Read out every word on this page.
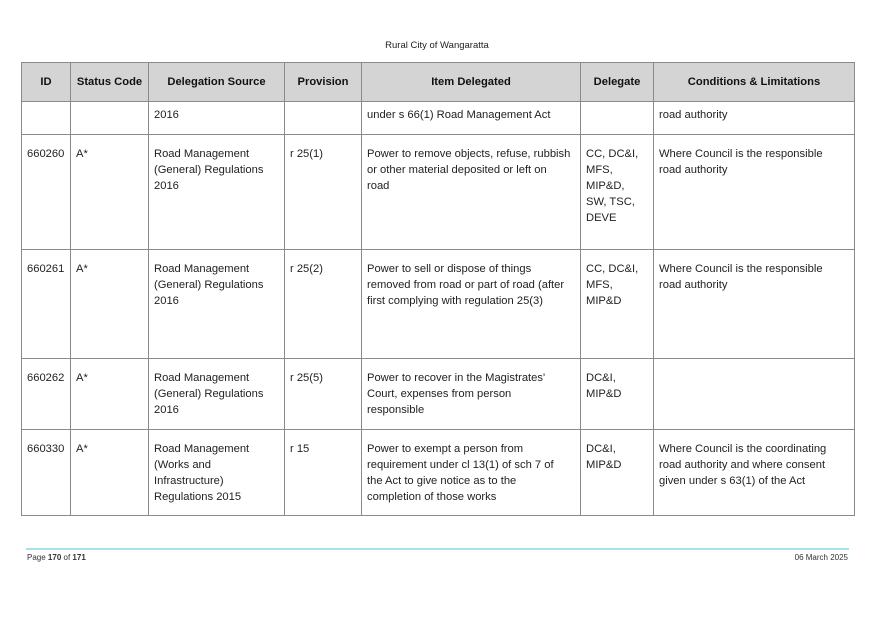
Rural City of Wangaratta
ID	Status Code	Delegation Source	Provision	Item Delegated	Delegate	Conditions & Limitations

		2016		under s 66(1) Road Management Act		road authority

660260	A*	Road Management
(General) Regulations
2016	r 25(1)	Power to remove objects, refuse, rubbish
or other material deposited or left on
road	CC, DC&I,
MFS,
MIP&D,
SW, TSC,
DEVE	Where Council is the responsible
road authority

660261	A*	Road Management
(General) Regulations
2016	r 25(2)	Power to sell or dispose of things
removed from road or part of road (after
first complying with regulation 25(3)	CC, DC&I,
MFS,
MIP&D	Where Council is the responsible
road authority

660262	A*	Road Management
(General) Regulations
2016	r 25(5)	Power to recover in the Magistrates'
Court, expenses from person
responsible	DC&I,
MIP&D	

660330	A*	Road Management
(Works and
Infrastructure)
Regulations 2015	r 15	Power to exempt a person from
requirement under cl 13(1) of sch 7 of
the Act to give notice as to the
completion of those works	DC&I,
MIP&D	Where Council is the coordinating
road authority and where consent
given under s 63(1) of the Act
Page 170 of 171	06 March 2025
